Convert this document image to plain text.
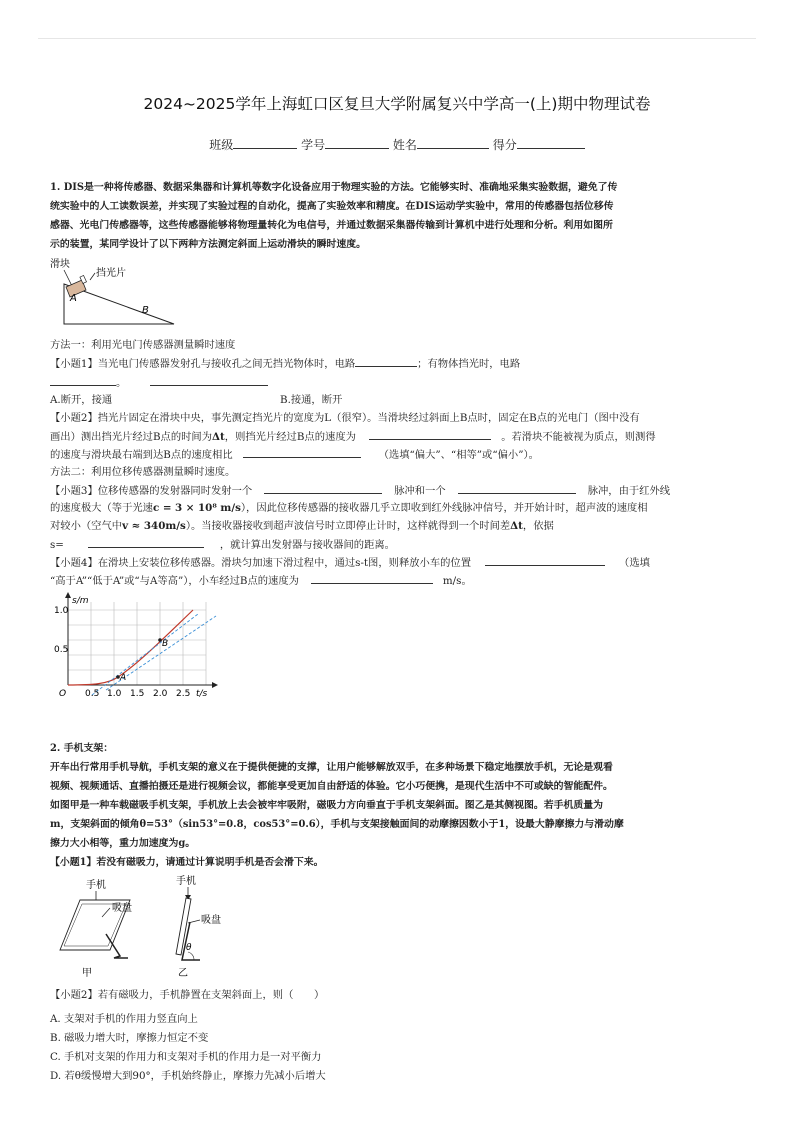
2024~2025学年上海虹口区复旦大学附属复兴中学高一(上)期中物理试卷
班级	学号	姓名	得分
1. DIS是一种将传感器、数据采集器和计算机等数字化设备应用于物理实验的方法。它能够实时、准确地采集实验数据，避免了传
统实验中的人工读数误差，并实现了实验过程的自动化，提高了实验效率和精度。在DIS运动学实验中，常用的传感器包括位移传
感器、光电门传感器等，这些传感器能够将物理量转化为电信号，并通过数据采集器传输到计算机中进行处理和分析。利用如图所
示的装置，某同学设计了以下两种方法测定斜面上运动滑块的瞬时速度。
滑块
挡光片
A
B
方法一：利用光电门传感器测量瞬时速度
【小题1】当光电门传感器发射孔与接收孔之间无挡光物体时，电路	；有物体挡光时，电路
。
A.断开，接通	B.接通，断开
【小题2】挡光片固定在滑块中央，事先测定挡光片的宽度为L（很窄）。当滑块经过斜面上B点时，固定在B点的光电门（图中没有
画出）测出挡光片经过B点的时间为Δt，则挡光片经过B点的速度为	。若滑块不能被视为质点，则测得
的速度与滑块最右端到达B点的速度相比	（选填“偏大”、“相等”或“偏小”）。
方法二：利用位移传感器测量瞬时速度。
【小题3】位移传感器的发射器同时发射一个	脉冲和一个	脉冲，由于红外线
的速度极大（等于光速c = 3 × 10⁸ m/s），因此位移传感器的接收器几乎立即收到红外线脉冲信号，并开始计时，超声波的速度相
对较小（空气中v ≈ 340m/s）。当接收器接收到超声波信号时立即停止计时，这样就得到一个时间差Δt，依据
s=	，就计算出发射器与接收器间的距离。
【小题4】在滑块上安装位移传感器。滑块匀加速下滑过程中，通过s-t图，则释放小车的位置	（选填
“高于A”“低于A”或“与A等高”），小车经过B点的速度为	m/s。
A
B
s/m
t/s
1.0
0.5
O 0.5 1.0 1.5 2.0 2.5
2. 手机支架：
开车出行常用手机导航，手机支架的意义在于提供便捷的支撑，让用户能够解放双手，在多种场景下稳定地摆放手机，无论是观看
视频、视频通话、直播拍摄还是进行视频会议，都能享受更加自由舒适的体验。它小巧便携，是现代生活中不可或缺的智能配件。
如图甲是一种车载磁吸手机支架，手机放上去会被牢牢吸附，磁吸力方向垂直于手机支架斜面。图乙是其侧视图。若手机质量为
m，支架斜面的倾角θ=53°（sin53°=0.8，cos53°=0.6），手机与支架接触面间的动摩擦因数小于1，设最大静摩擦力与滑动摩
擦力大小相等，重力加速度为g。
【小题1】若没有磁吸力，请通过计算说明手机是否会滑下来。
手机
吸盘
甲
手机
吸盘
θ
乙
【小题2】若有磁吸力，手机静置在支架斜面上，则（　　）
A. 支架对手机的作用力竖直向上
B. 磁吸力增大时，摩擦力恒定不变
C. 手机对支架的作用力和支架对手机的作用力是一对平衡力
D. 若θ缓慢增大到90°，手机始终静止，摩擦力先减小后增大
